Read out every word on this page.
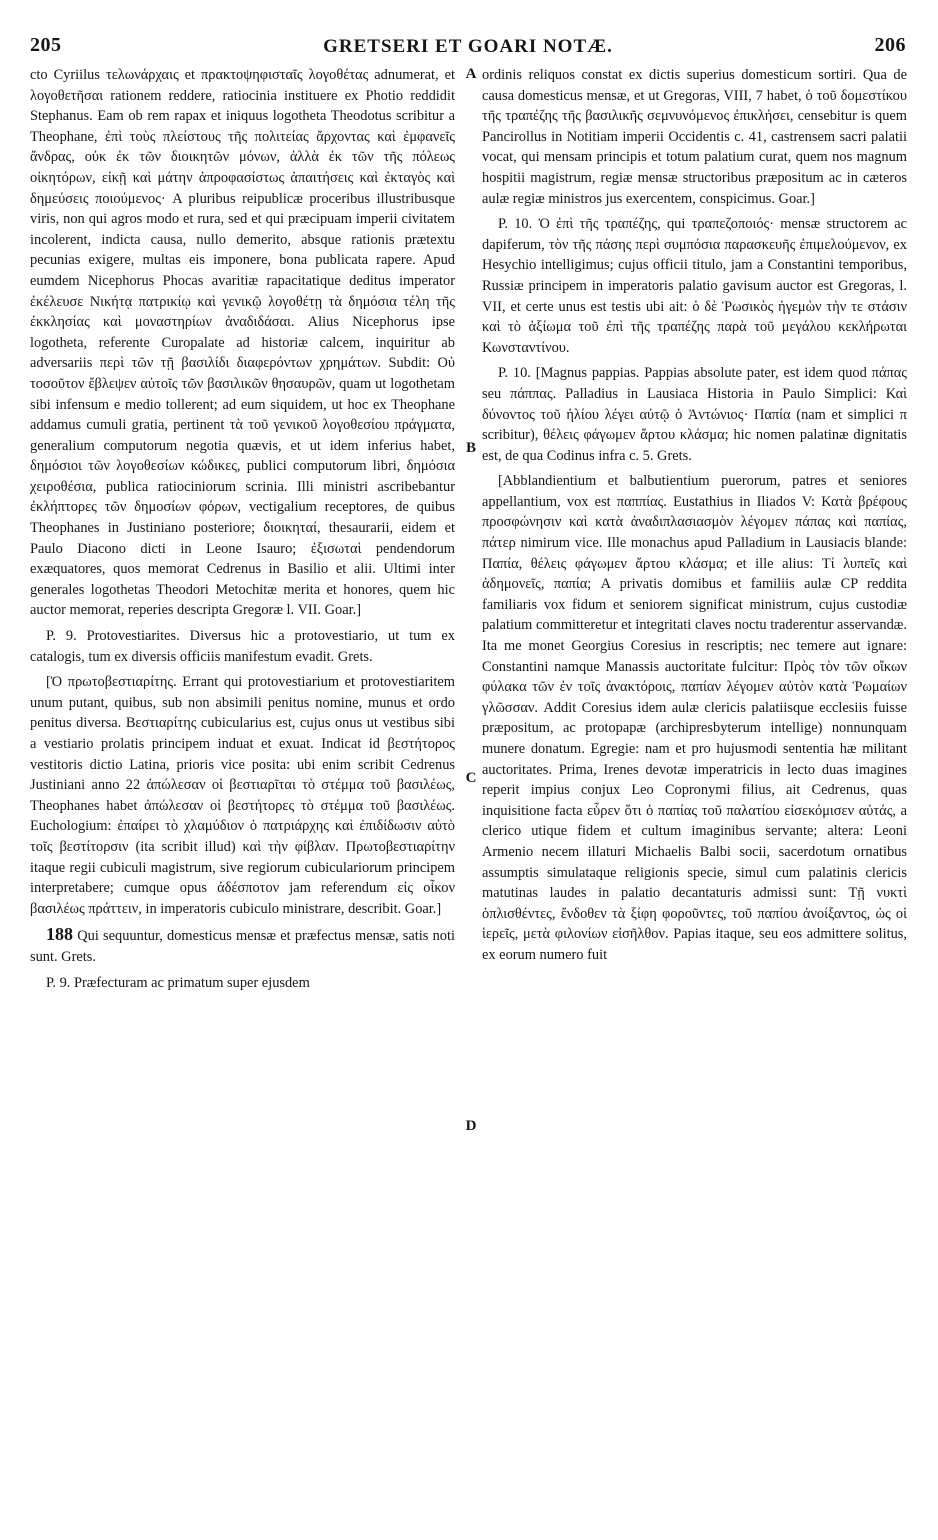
205	GRETSERI ET GOARI NOTÆ.	206

cto Cyriilus τελωνάρχαις et πρακτοψηφισταῖς λογοθέτας adnumerat, et λογοθετῆσαι rationem reddere, ratiocinia instituere ex Photio reddidit Stephanus. Eam ob rem rapax et iniquus logotheta Theodotus scribitur a Theophane, ἐπὶ τοὺς πλείστους τῆς πολιτείας ἄρχοντας καὶ ἐμφανεῖς ἄνδρας, οὐκ ἐκ τῶν διοικητῶν μόνων, ἀλλὰ ἐκ τῶν τῆς πόλεως οἰκητόρων, εἰκῇ καὶ μάτην ἀπροφασίστως ἀπαιτήσεις καὶ ἐκταγὸς καὶ δημεύσεις ποιούμενος· A pluribus reipublicæ proceribus illustribusque viris, non qui agros modo et rura, sed et qui præcipuam imperii civitatem incolerent, indicta causa, nullo demerito, absque rationis prætextu pecunias exigere, multas eis imponere, bona publicata rapere. Apud eumdem Nicephorus Phocas avaritiæ rapacitatique deditus imperator ἐκέλευσε Νικήτᾳ πατρικίῳ καὶ γενικῷ λογοθέτῃ τὰ δημόσια τέλη τῆς ἐκκλησίας καὶ μοναστηρίων ἀναδιδάσαι. Alius Nicephorus ipse logotheta, referente Curopalate ad historiæ calcem, inquiritur ab adversariis περὶ τῶν τῇ βασιλίδι διαφερόντων χρημάτων. Subdit: Οὐ τοσοῦτον ἔβλεψεν αὐτοῖς τῶν βασιλικῶν θησαυρῶν, quam ut logothetam sibi infensum e medio tollerent; ad eum siquidem, ut hoc ex Theophane addamus cumuli gratia, pertinent τὰ τοῦ γενικοῦ λογοθεσίου πράγματα, generalium computorum negotia quævis, et ut idem inferius habet, δημόσιοι τῶν λογοθεσίων κώδικες, publici computorum libri, δημόσια χειροθέσια, publica ratiociniorum scrinia. Illi ministri ascribebantur ἐκλήπτορες τῶν δημοσίων φόρων, vectigalium receptores, de quibus Theophanes in Justiniano posteriore; διοικηταί, thesaurarii, eidem et Paulo Diacono dicti in Leone Isauro; ἐξισωταὶ pendendorum exæquatores, quos memorat Cedrenus in Basilio et alii. Ultimi inter generales logothetas Theodori Metochitæ merita et honores, quem hic auctor memorat, reperies descripta Gregoræ l. VII. Goar.]

P. 9. Protovestiarites. Diversus hic a protovestiario, ut tum ex catalogis, tum ex diversis officiis manifestum evadit. Grets.

[Ὁ πρωτοβεστιαρίτης. Errant qui protovestiarium et protovestiaritem unum putant, quibus, sub non absimili penitus nomine, munus et ordo penitus diversa. Βεστιαρίτης cubicularius est, cujus onus ut vestibus sibi a vestiario prolatis principem induat et exuat. Indicat id βεστήτορος vestitoris dictio Latina, prioris vice posita: ubi enim scribit Cedrenus Justiniani anno 22 ἀπώλεσαν οἱ βεστιαρῖται τὸ στέμμα τοῦ βασιλέως, Theophanes habet ἀπώλεσαν οἱ βεστήτορες τὸ στέμμα τοῦ βασιλέως. Euchologium: ἐπαίρει τὸ χλαμύδιον ὁ πατριάρχης καὶ ἐπιδίδωσιν αὐτὸ τοῖς βεστίτορσιν (ita scribit illud) καὶ τὴν φίβλαν. Πρωτοβεστιαρίτην itaque regii cubiculi magistrum, sive regiorum cubiculariorum principem interpretabere; cumque opus ἀδέσποτον jam referendum εἰς οἶκον βασιλέως πράττειν, in imperatoris cubiculo ministrare, describit. Goar.]

188 Qui sequuntur, domesticus mensæ et præfectus mensæ, satis noti sunt. Grets.

P. 9. Præfecturam ac primatum super ejusdem

A
B
C
D

ordinis reliquos constat ex dictis superius domesticum sortiri. Qua de causa domesticus mensæ, et ut Gregoras, VIII, 7 habet, ὁ τοῦ δομεστίκου τῆς τραπέζης τῆς βασιλικῆς σεμνυνόμενος ἐπικλήσει, censebitur is quem Pancirollus in Notitiam imperii Occidentis c. 41, castrensem sacri palatii vocat, qui mensam principis et totum palatium curat, quem nos magnum hospitii magistrum, regiæ mensæ structoribus præpositum ac in cæteros aulæ regiæ ministros jus exercentem, conspicimus. Goar.]

P. 10. Ὁ ἐπὶ τῆς τραπέζης, qui τραπεζοποιός· mensæ structorem ac dapiferum, τὸν τῆς πάσης περὶ συμπόσια παρασκευῆς ἐπιμελούμενον, ex Hesychio intelligimus; cujus officii titulo, jam a Constantini temporibus, Russiæ principem in imperatoris palatio gavisum auctor est Gregoras, l. VII, et certe unus est testis ubi ait: ὁ δὲ Ῥωσικὸς ἡγεμὼν τὴν τε στάσιν καὶ τὸ ἀξίωμα τοῦ ἐπὶ τῆς τραπέζης παρὰ τοῦ μεγάλου κεκλήρωται Κωνσταντίνου.

P. 10. [Magnus pappias. Pappias absolute pater, est idem quod πάπας seu πάππας. Palladius in Lausiaca Historia in Paulo Simplici: Καὶ δύνοντος τοῦ ἡλίου λέγει αὐτῷ ὁ Ἀντώνιος· Παπία (nam et simplici π scribitur), θέλεις φάγωμεν ἄρτου κλάσμα; hic nomen palatinæ dignitatis est, de qua Codinus infra c. 5. Grets.

[Abblandientium et balbutientium puerorum, patres et seniores appellantium, vox est παππίας. Eustathius in Iliados V: Κατὰ βρέφους προσφώνησιν καὶ κατὰ ἀναδιπλασιασμὸν λέγομεν πάπας καὶ παπίας, πάτερ nimirum vice. Ille monachus apud Palladium in Lausiacis blande: Παπία, θέλεις φάγωμεν ἄρτου κλάσμα; et ille alius: Τί λυπεῖς καὶ ἀδημονεῖς, παπία; A privatis domibus et familiis aulæ CP reddita familiaris vox fidum et seniorem significat ministrum, cujus custodiæ palatium committeretur et integritati claves noctu traderentur asservandæ. Ita me monet Georgius Coresius in rescriptis; nec temere aut ignare: Constantini namque Manassis auctoritate fulcitur: Πρὸς τὸν τῶν οἴκων φύλακα τῶν ἐν τοῖς ἀνακτόροις, παπίαν λέγομεν αὐτὸν κατὰ Ῥωμαίων γλῶσσαν. Addit Coresius idem aulæ clericis palatiisque ecclesiis fuisse præpositum, ac protopapæ (archipresbyterum intellige) nonnunquam munere donatum. Egregie: nam et pro hujusmodi sententia hæ militant auctoritates. Prima, Irenes devotæ imperatricis in lecto duas imagines reperit impius conjux Leo Copronymi filius, ait Cedrenus, quas inquisitione facta εὗρεν ὅτι ὁ παπίας τοῦ παλατίου εἰσεκόμισεν αὐτάς, a clerico utique fidem et cultum imaginibus servante; altera: Leoni Armenio necem illaturi Michaelis Balbi socii, sacerdotum ornatibus assumptis simulataque religionis specie, simul cum palatinis clericis matutinas laudes in palatio decantaturis admissi sunt: Τῇ νυκτὶ ὁπλισθέντες, ἔνδοθεν τὰ ξίφη φοροῦντες, τοῦ παπίου ἀνοίξαντος, ὡς οἱ ἱερεῖς, μετὰ φιλονίων εἰσῆλθον. Papias itaque, seu eos admittere solitus, ex eorum numero fuit
